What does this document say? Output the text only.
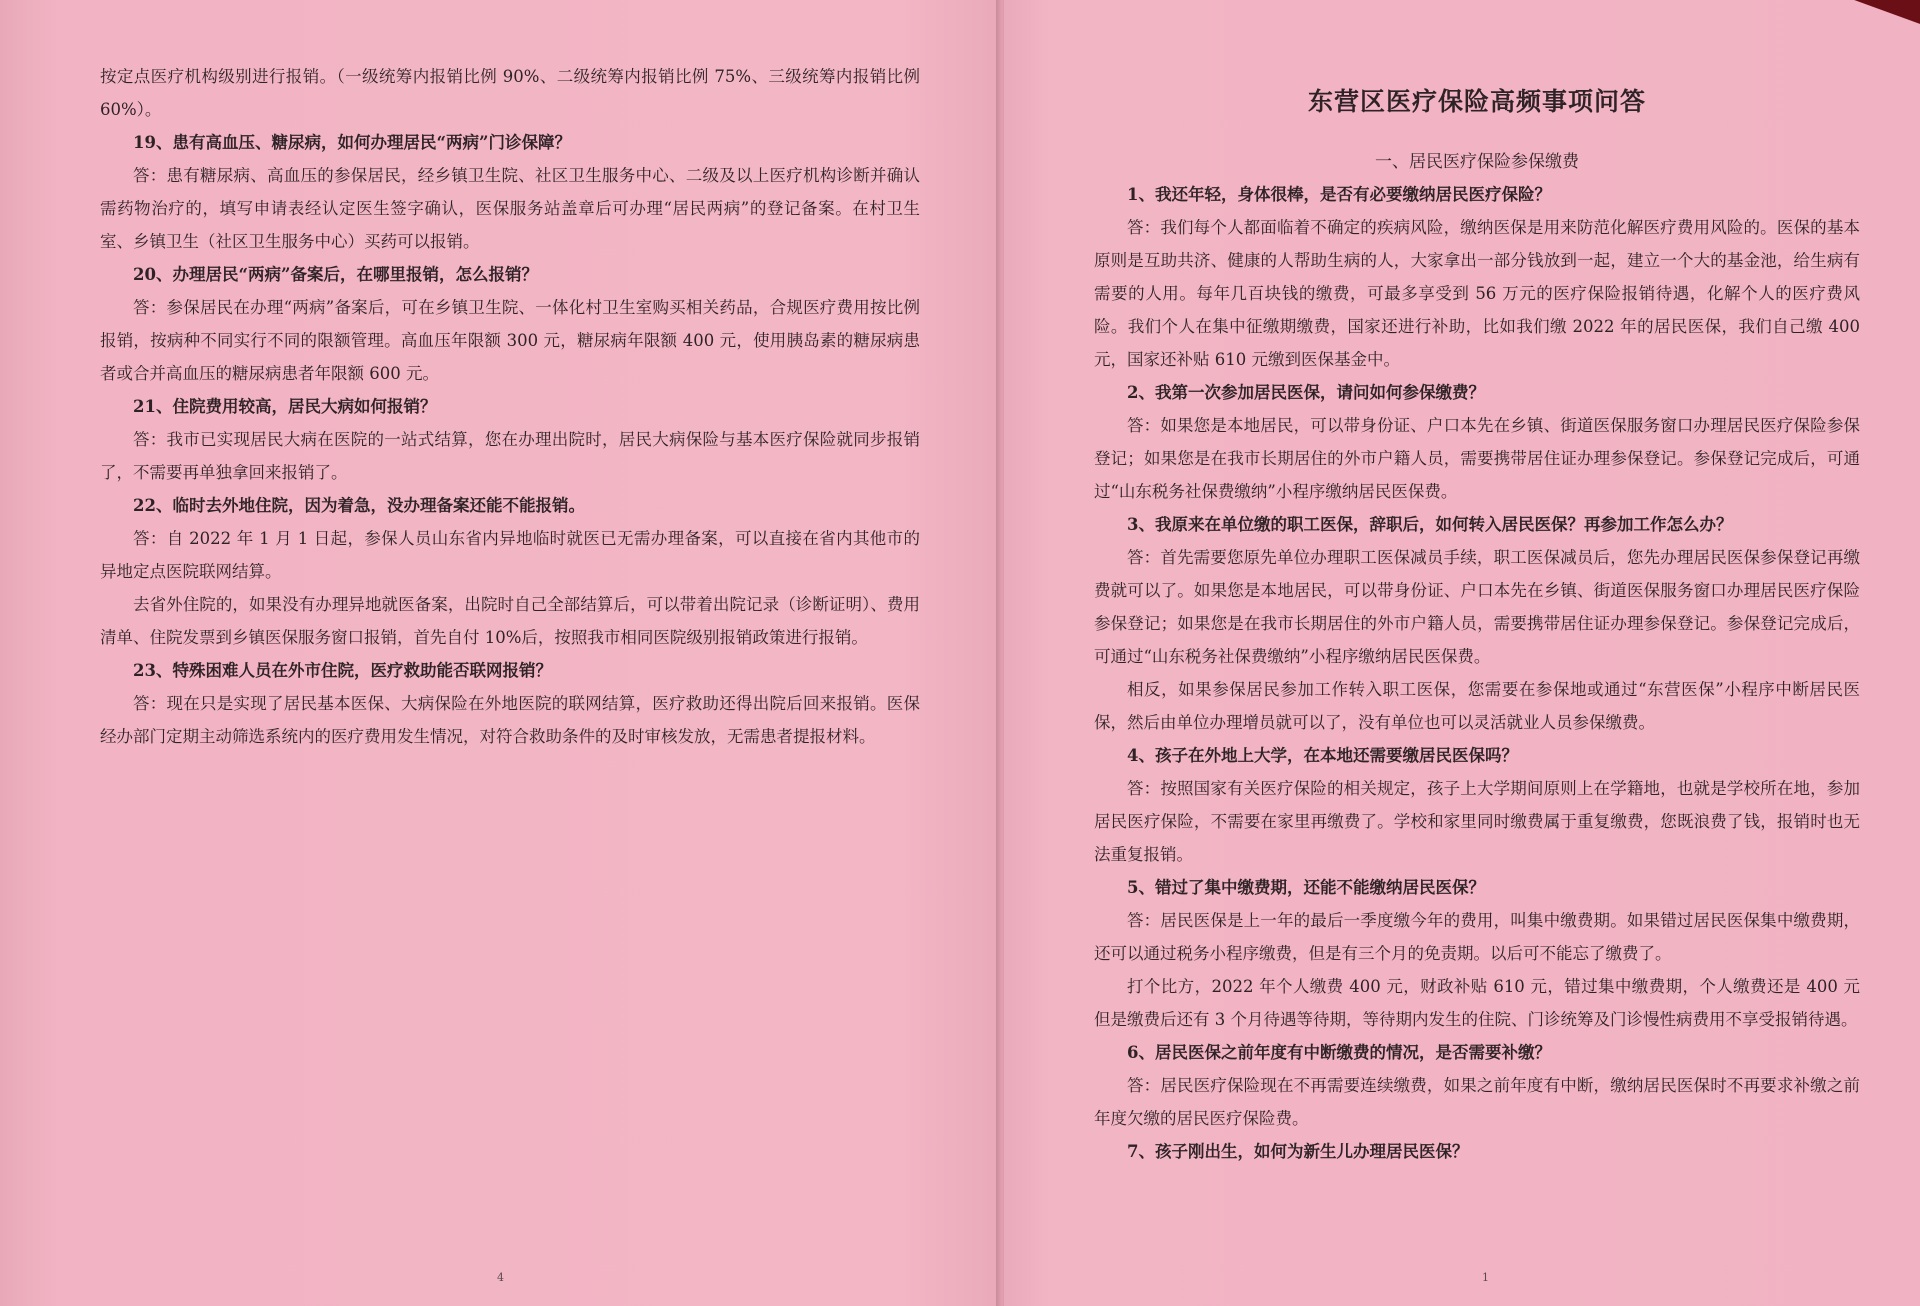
按定点医疗机构级别进行报销。（一级统筹内报销比例 90%、二级统筹内报销比例 75%、三级统筹内报销比例 60%）。

19、患有高血压、糖尿病，如何办理居民“两病”门诊保障？

答：患有糖尿病、高血压的参保居民，经乡镇卫生院、社区卫生服务中心、二级及以上医疗机构诊断并确认需药物治疗的，填写申请表经认定医生签字确认，医保服务站盖章后可办理“居民两病”的登记备案。在村卫生室、乡镇卫生（社区卫生服务中心）买药可以报销。

20、办理居民“两病”备案后，在哪里报销，怎么报销？

答：参保居民在办理“两病”备案后，可在乡镇卫生院、一体化村卫生室购买相关药品，合规医疗费用按比例报销，按病种不同实行不同的限额管理。高血压年限额 300 元，糖尿病年限额 400 元，使用胰岛素的糖尿病患者或合并高血压的糖尿病患者年限额 600 元。

21、住院费用较高，居民大病如何报销？

答：我市已实现居民大病在医院的一站式结算，您在办理出院时，居民大病保险与基本医疗保险就同步报销了，不需要再单独拿回来报销了。

22、临时去外地住院，因为着急，没办理备案还能不能报销。

答：自 2022 年 1 月 1 日起，参保人员山东省内异地临时就医已无需办理备案，可以直接在省内其他市的异地定点医院联网结算。

去省外住院的，如果没有办理异地就医备案，出院时自己全部结算后，可以带着出院记录（诊断证明）、费用清单、住院发票到乡镇医保服务窗口报销，首先自付 10%后，按照我市相同医院级别报销政策进行报销。

23、特殊困难人员在外市住院，医疗救助能否联网报销？

答：现在只是实现了居民基本医保、大病保险在外地医院的联网结算，医疗救助还得出院后回来报销。医保经办部门定期主动筛选系统内的医疗费用发生情况，对符合救助条件的及时审核发放，无需患者提报材料。

4
东营区医疗保险高频事项问答
一、居民医疗保险参保缴费

1、我还年轻，身体很棒，是否有必要缴纳居民医疗保险？

答：我们每个人都面临着不确定的疾病风险，缴纳医保是用来防范化解医疗费用风险的。医保的基本原则是互助共济、健康的人帮助生病的人，大家拿出一部分钱放到一起，建立一个大的基金池，给生病有需要的人用。每年几百块钱的缴费，可最多享受到 56 万元的医疗保险报销待遇，化解个人的医疗费风险。我们个人在集中征缴期缴费，国家还进行补助，比如我们缴 2022 年的居民医保，我们自己缴 400 元，国家还补贴 610 元缴到医保基金中。

2、我第一次参加居民医保，请问如何参保缴费？

答：如果您是本地居民，可以带身份证、户口本先在乡镇、街道医保服务窗口办理居民医疗保险参保登记；如果您是在我市长期居住的外市户籍人员，需要携带居住证办理参保登记。参保登记完成后，可通过“山东税务社保费缴纳”小程序缴纳居民医保费。

3、我原来在单位缴的职工医保，辞职后，如何转入居民医保？再参加工作怎么办？

答：首先需要您原先单位办理职工医保减员手续，职工医保减员后，您先办理居民医保参保登记再缴费就可以了。如果您是本地居民，可以带身份证、户口本先在乡镇、街道医保服务窗口办理居民医疗保险参保登记；如果您是在我市长期居住的外市户籍人员，需要携带居住证办理参保登记。参保登记完成后，可通过“山东税务社保费缴纳”小程序缴纳居民医保费。

相反，如果参保居民参加工作转入职工医保，您需要在参保地或通过“东营医保”小程序中断居民医保，然后由单位办理增员就可以了，没有单位也可以灵活就业人员参保缴费。

4、孩子在外地上大学，在本地还需要缴居民医保吗？

答：按照国家有关医疗保险的相关规定，孩子上大学期间原则上在学籍地，也就是学校所在地，参加居民医疗保险，不需要在家里再缴费了。学校和家里同时缴费属于重复缴费，您既浪费了钱，报销时也无法重复报销。

5、错过了集中缴费期，还能不能缴纳居民医保？

答：居民医保是上一年的最后一季度缴今年的费用，叫集中缴费期。如果错过居民医保集中缴费期，还可以通过税务小程序缴费，但是有三个月的免责期。以后可不能忘了缴费了。

打个比方，2022 年个人缴费 400 元，财政补贴 610 元，错过集中缴费期，个人缴费还是 400 元但是缴费后还有 3 个月待遇等待期，等待期内发生的住院、门诊统筹及门诊慢性病费用不享受报销待遇。

6、居民医保之前年度有中断缴费的情况，是否需要补缴？

答：居民医疗保险现在不再需要连续缴费，如果之前年度有中断，缴纳居民医保时不再要求补缴之前年度欠缴的居民医疗保险费。

7、孩子刚出生，如何为新生儿办理居民医保？

1
